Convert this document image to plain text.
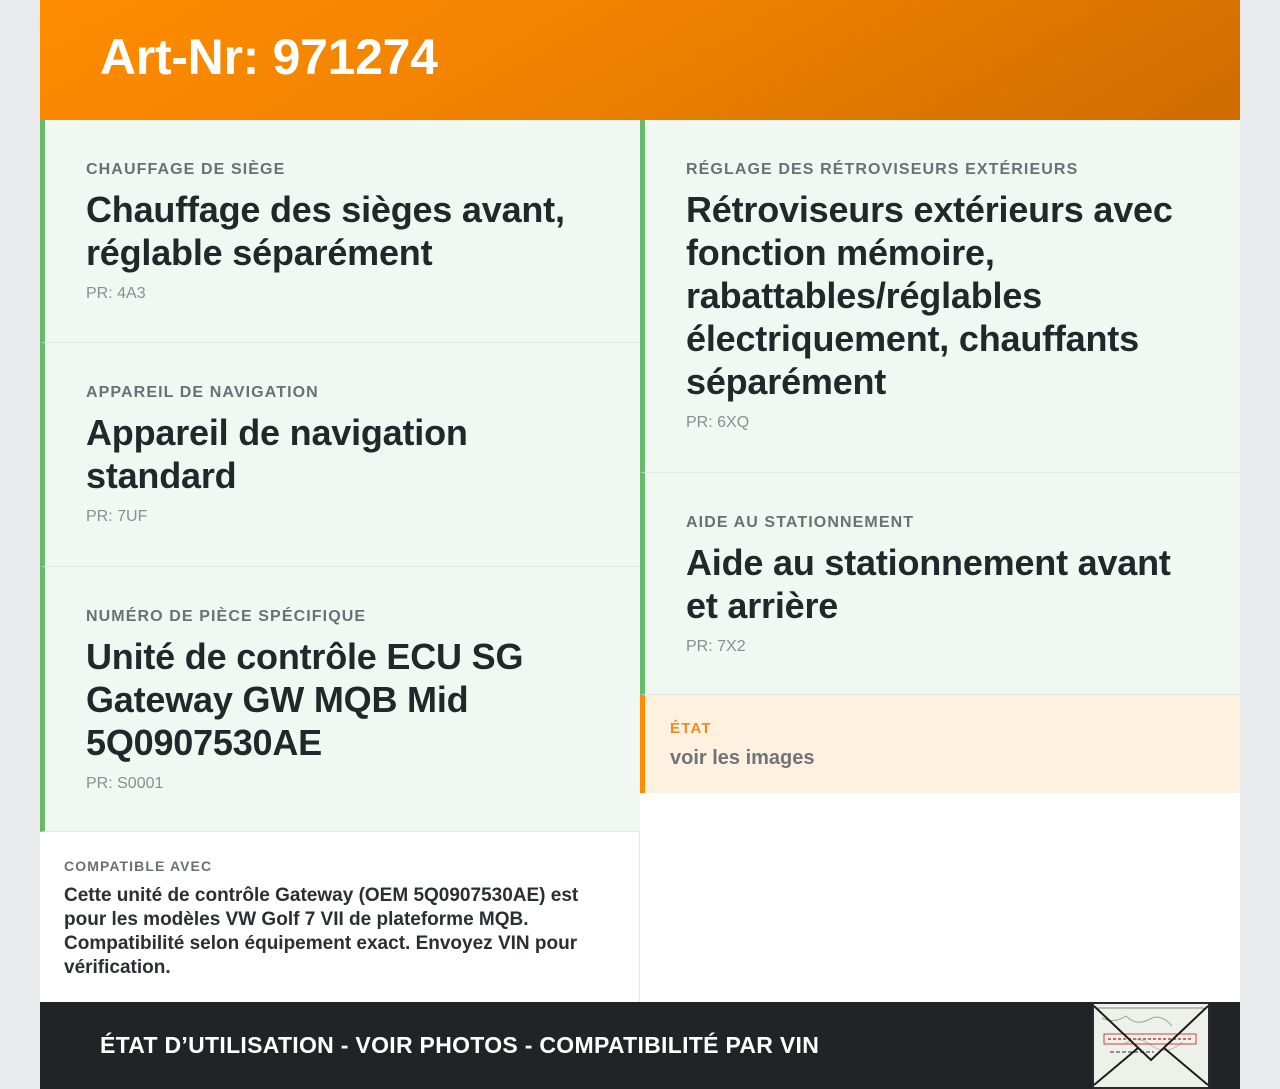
Art-Nr: 971274
CHAUFFAGE DE SIÈGE
Chauffage des sièges avant, réglable séparément
PR: 4A3
APPAREIL DE NAVIGATION
Appareil de navigation standard
PR: 7UF
NUMÉRO DE PIÈCE SPÉCIFIQUE
Unité de contrôle ECU SG Gateway GW MQB Mid 5Q0907530AE
PR: S0001
RÉGLAGE DES RÉTROVISEURS EXTÉRIEURS
Rétroviseurs extérieurs avec fonction mémoire, rabattables/réglables électriquement, chauffants séparément
PR: 6XQ
AIDE AU STATIONNEMENT
Aide au stationnement avant et arrière
PR: 7X2
ÉTAT
voir les images
COMPATIBLE AVEC
Cette unité de contrôle Gateway (OEM 5Q0907530AE) est pour les modèles VW Golf 7 VII de plateforme MQB. Compatibilité selon équipement exact. Envoyez VIN pour vérification.
ÉTAT D’UTILISATION - VOIR PHOTOS - COMPATIBILITÉ PAR VIN
